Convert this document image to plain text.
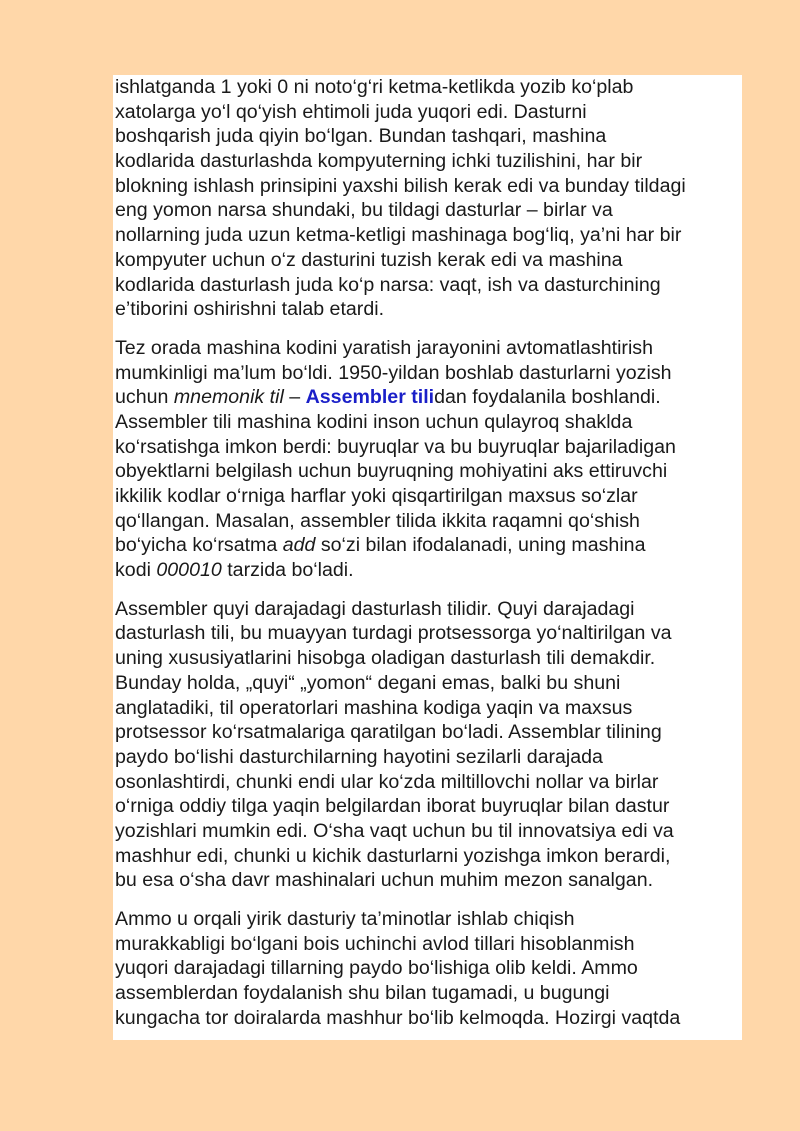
ishlatganda 1 yoki 0 ni noto‘g‘ri ketma-ketlikda yozib ko‘plab
xatolarga yo‘l qo‘yish ehtimoli juda yuqori edi. Dasturni
boshqarish juda qiyin bo‘lgan. Bundan tashqari, mashina
kodlarida dasturlashda kompyuterning ichki tuzilishini, har bir
blokning ishlash prinsipini yaxshi bilish kerak edi va bunday tildagi
eng yomon narsa shundaki, bu tildagi dasturlar – birlar va
nollarning juda uzun ketma-ketligi mashinaga bog‘liq, ya’ni har bir
kompyuter uchun o‘z dasturini tuzish kerak edi va mashina
kodlarida dasturlash juda ko‘p narsa: vaqt, ish va dasturchining
e’tiborini oshirishni talab etardi.

Tez orada mashina kodini yaratish jarayonini avtomatlashtirish
mumkinligi ma’lum bo‘ldi. 1950-yildan boshlab dasturlarni yozish
uchun mnemonik til – Assembler tilidan foydalanila boshlandi.
Assembler tili mashina kodini inson uchun qulayroq shaklda
ko‘rsatishga imkon berdi: buyruqlar va bu buyruqlar bajariladigan
obyektlarni belgilash uchun buyruqning mohiyatini aks ettiruvchi
ikkilik kodlar o‘rniga harflar yoki qisqartirilgan maxsus so‘zlar
qo‘llangan. Masalan, assembler tilida ikkita raqamni qo‘shish
bo‘yicha ko‘rsatma add so‘zi bilan ifodalanadi, uning mashina
kodi 000010 tarzida bo‘ladi.

Assembler quyi darajadagi dasturlash tilidir. Quyi darajadagi
dasturlash tili, bu muayyan turdagi protsessorga yo‘naltirilgan va
uning xususiyatlarini hisobga oladigan dasturlash tili demakdir.
Bunday holda, „quyi“ „yomon“ degani emas, balki bu shuni
anglatadiki, til operatorlari mashina kodiga yaqin va maxsus
protsessor ko‘rsatmalariga qaratilgan bo‘ladi. Assemblar tilining
paydo bo‘lishi dasturchilarning hayotini sezilarli darajada
osonlashtirdi, chunki endi ular ko‘zda miltillovchi nollar va birlar
o‘rniga oddiy tilga yaqin belgilardan iborat buyruqlar bilan dastur
yozishlari mumkin edi. O‘sha vaqt uchun bu til innovatsiya edi va
mashhur edi, chunki u kichik dasturlarni yozishga imkon berardi,
bu esa o‘sha davr mashinalari uchun muhim mezon sanalgan.

Ammo u orqali yirik dasturiy ta’minotlar ishlab chiqish
murakkabligi bo‘lgani bois uchinchi avlod tillari hisoblanmish
yuqori darajadagi tillarning paydo bo‘lishiga olib keldi. Ammo
assemblerdan foydalanish shu bilan tugamadi, u bugungi
kungacha tor doiralarda mashhur bo‘lib kelmoqda. Hozirgi vaqtda
